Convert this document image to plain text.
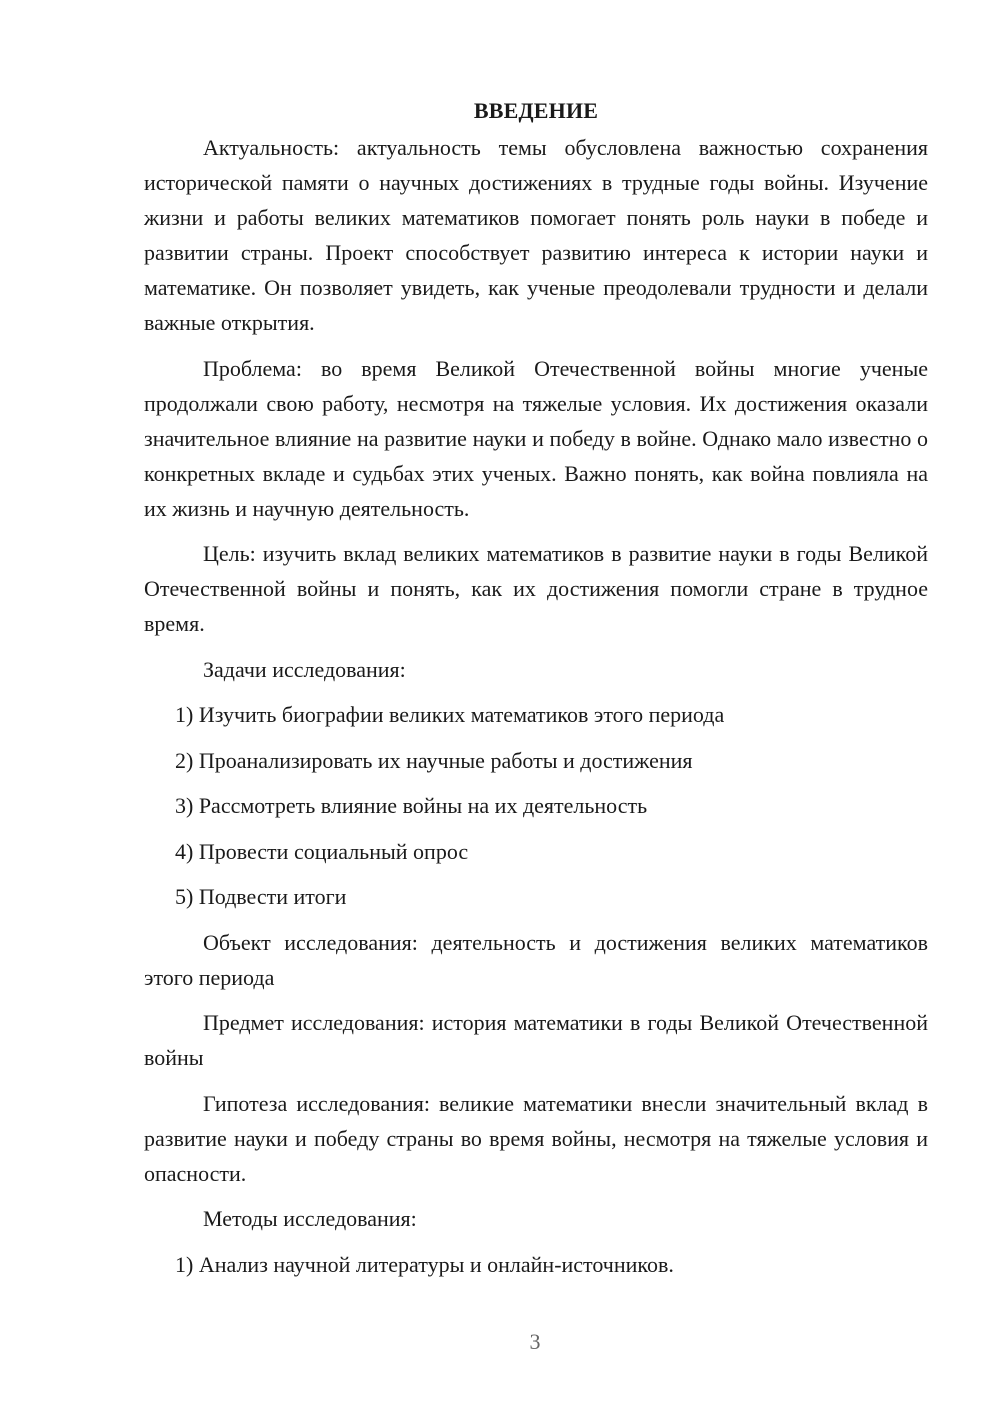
ВВЕДЕНИЕ

Актуальность: актуальность темы обусловлена важностью сохранения исторической памяти о научных достижениях в трудные годы войны. Изучение жизни и работы великих математиков помогает понять роль науки в победе и развитии страны. Проект способствует развитию интереса к истории науки и математике. Он позволяет увидеть, как ученые преодолевали трудности и делали важные открытия.

Проблема: во время Великой Отечественной войны многие ученые продолжали свою работу, несмотря на тяжелые условия. Их достижения оказали значительное влияние на развитие науки и победу в войне. Однако мало известно о конкретных вкладе и судьбах этих ученых. Важно понять, как война повлияла на их жизнь и научную деятельность.

Цель: изучить вклад великих математиков в развитие науки в годы Великой Отечественной войны и понять, как их достижения помогли стране в трудное время.

Задачи исследования:

1) Изучить биографии великих математиков этого периода
2) Проанализировать их научные работы и достижения
3) Рассмотреть влияние войны на их деятельность
4) Провести социальный опрос
5) Подвести итоги

Объект исследования: деятельность и достижения великих математиков этого периода

Предмет исследования: история математики в годы Великой Отечественной войны

Гипотеза исследования: великие математики внесли значительный вклад в развитие науки и победу страны во время войны, несмотря на тяжелые условия и опасности.

Методы исследования:

1) Анализ научной литературы и онлайн-источников.
3
